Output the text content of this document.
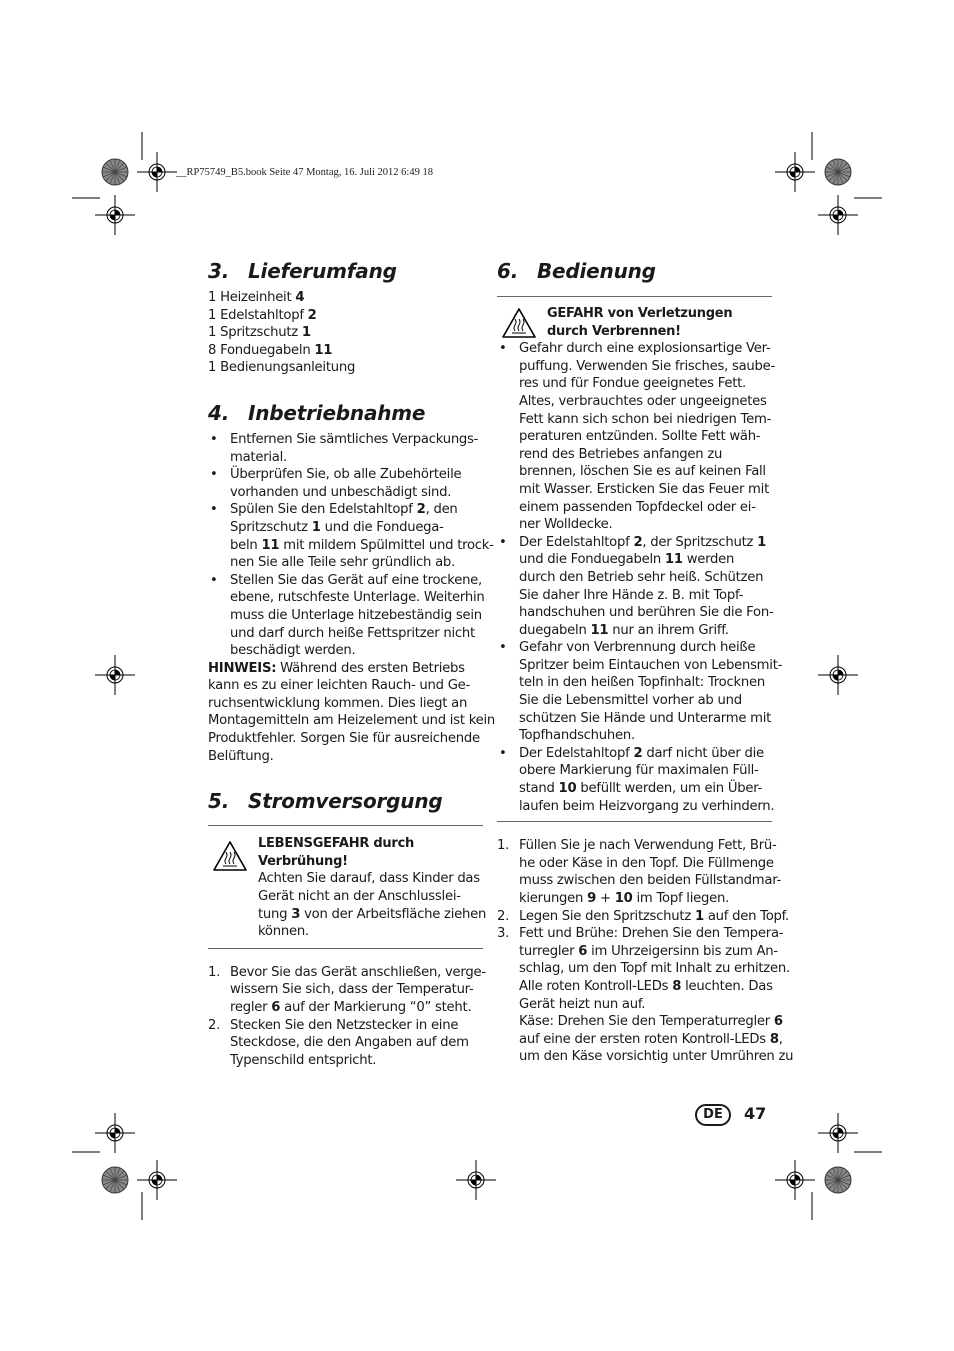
__RP75749_B5.book Seite 47 Montag, 16. Juli 2012 6:49 18
3. Lieferumfang
1 Heizeinheit 4
1 Edelstahltopf 2
1 Spritzschutz 1
8 Fonduegabeln 11
1 Bedienungsanleitung
4. Inbetriebnahme
• Entfernen Sie sämtliches Verpackungs-
material.
• Überprüfen Sie, ob alle Zubehörteile
vorhanden und unbeschädigt sind.
• Spülen Sie den Edelstahltopf 2, den
Spritzschutz 1 und die Fonduega-
beln 11 mit mildem Spülmittel und trock-
nen Sie alle Teile sehr gründlich ab.
• Stellen Sie das Gerät auf eine trockene,
ebene, rutschfeste Unterlage. Weiterhin
muss die Unterlage hitzebeständig sein
und darf durch heiße Fettspritzer nicht
beschädigt werden.
HINWEIS: Während des ersten Betriebs
kann es zu einer leichten Rauch- und Ge-
ruchsentwicklung kommen. Dies liegt an
Montagemitteln am Heizelement und ist kein
Produktfehler. Sorgen Sie für ausreichende
Belüftung.
5. Stromversorgung
LEBENSGEFAHR durch
Verbrühung!
Achten Sie darauf, dass Kinder das
Gerät nicht an der Anschlusslei-
tung 3 von der Arbeitsfläche ziehen
können.
1. Bevor Sie das Gerät anschließen, verge-
wissern Sie sich, dass der Temperatur-
regler 6 auf der Markierung “0” steht.
2. Stecken Sie den Netzstecker in eine
Steckdose, die den Angaben auf dem
Typenschild entspricht.
6. Bedienung
GEFAHR von Verletzungen
durch Verbrennen!
• Gefahr durch eine explosionsartige Ver-
puffung. Verwenden Sie frisches, saube-
res und für Fondue geeignetes Fett.
Altes, verbrauchtes oder ungeeignetes
Fett kann sich schon bei niedrigen Tem-
peraturen entzünden. Sollte Fett wäh-
rend des Betriebes anfangen zu
brennen, löschen Sie es auf keinen Fall
mit Wasser. Ersticken Sie das Feuer mit
einem passenden Topfdeckel oder ei-
ner Wolldecke.
• Der Edelstahltopf 2, der Spritzschutz 1
und die Fonduegabeln 11 werden
durch den Betrieb sehr heiß. Schützen
Sie daher Ihre Hände z. B. mit Topf-
handschuhen und berühren Sie die Fon-
duegabeln 11 nur an ihrem Griff.
• Gefahr von Verbrennung durch heiße
Spritzer beim Eintauchen von Lebensmit-
teln in den heißen Topfinhalt: Trocknen
Sie die Lebensmittel vorher ab und
schützen Sie Hände und Unterarme mit
Topfhandschuhen.
• Der Edelstahltopf 2 darf nicht über die
obere Markierung für maximalen Füll-
stand 10 befüllt werden, um ein Über-
laufen beim Heizvorgang zu verhindern.
1. Füllen Sie je nach Verwendung Fett, Brü-
he oder Käse in den Topf. Die Füllmenge
muss zwischen den beiden Füllstandmar-
kierungen 9 + 10 im Topf liegen.
2. Legen Sie den Spritzschutz 1 auf den Topf.
3. Fett und Brühe: Drehen Sie den Tempera-
turregler 6 im Uhrzeigersinn bis zum An-
schlag, um den Topf mit Inhalt zu erhitzen.
Alle roten Kontroll-LEDs 8 leuchten. Das
Gerät heizt nun auf.
Käse: Drehen Sie den Temperaturregler 6
auf eine der ersten roten Kontroll-LEDs 8,
um den Käse vorsichtig unter Umrühren zu
DE	47
